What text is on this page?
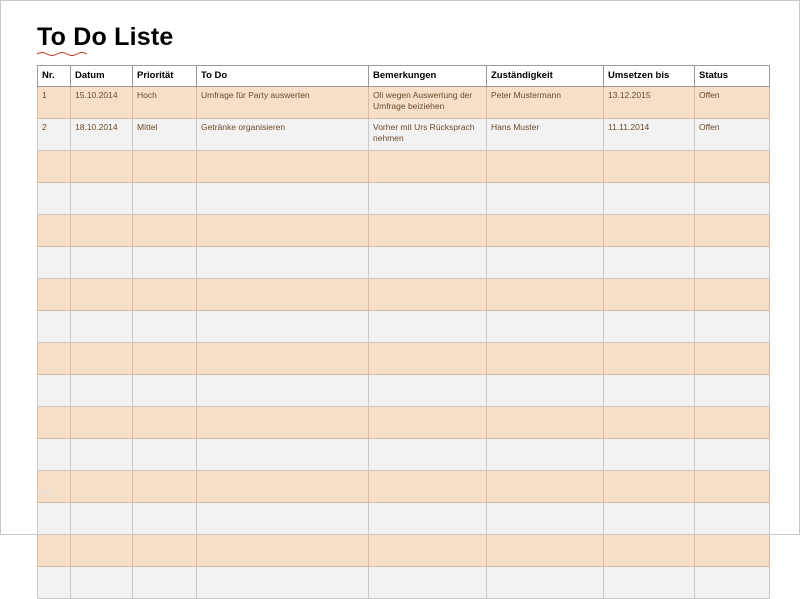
To Do Liste
Nr.	Datum	Priorität	To Do	Bemerkungen	Zuständigkeit	Umsetzen bis	Status
1	15.10.2014	Hoch	Umfrage für Party auswerten	Oli wegen Auswertung der Umfrage beiziehen	Peter Mustermann	13.12.2015	Offen
2	18.10.2014	Mittel	Getränke organisieren	Vorher mit Urs Rücksprach nehmen	Hans Muster	11.11.2014	Offen

hcp
